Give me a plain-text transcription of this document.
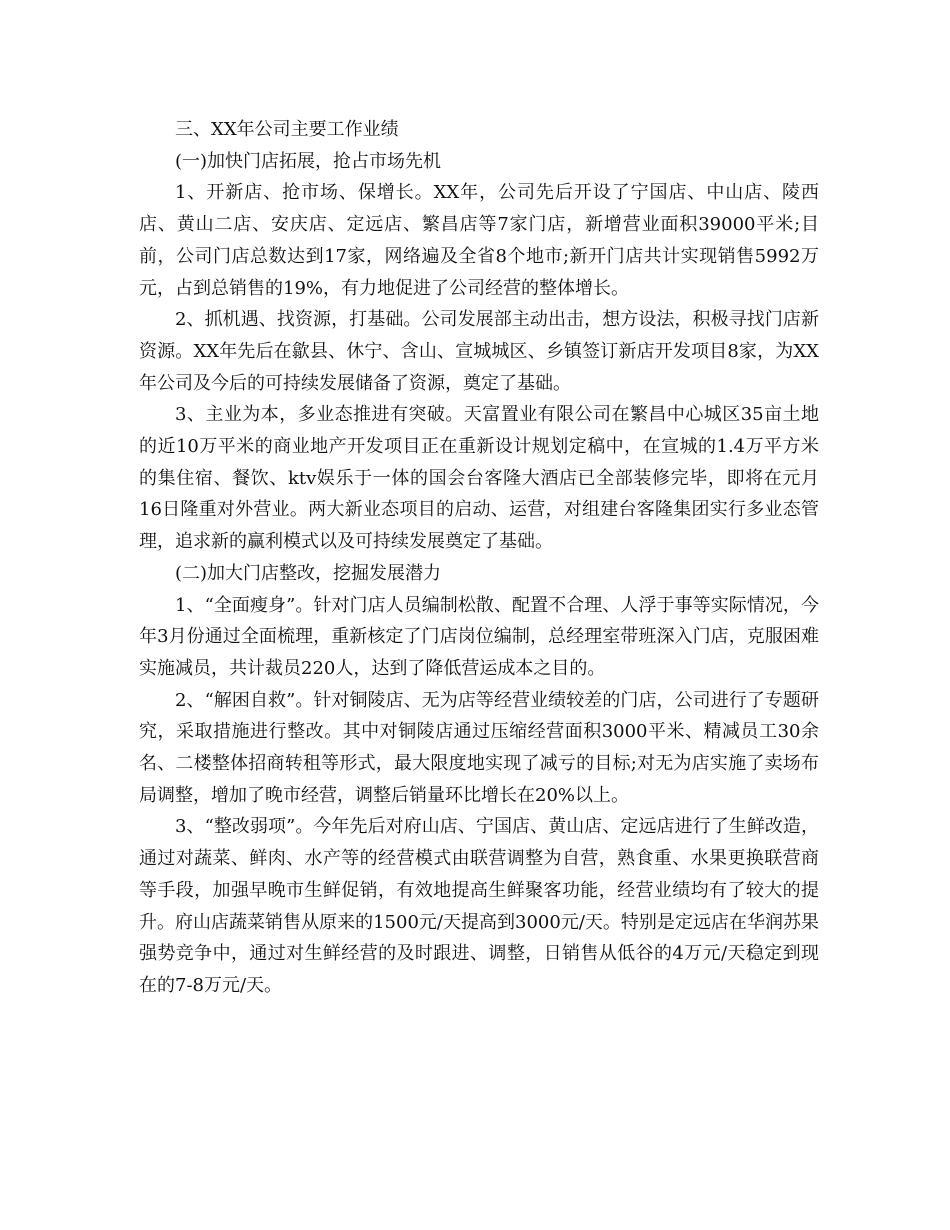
三、XX年公司主要工作业绩

(一)加快门店拓展，抢占市场先机

1、开新店、抢市场、保增长。XX年，公司先后开设了宁国店、中山店、陵西店、黄山二店、安庆店、定远店、繁昌店等7家门店，新增营业面积39000平米;目前，公司门店总数达到17家，网络遍及全省8个地市;新开门店共计实现销售5992万元，占到总销售的19%，有力地促进了公司经营的整体增长。

2、抓机遇、找资源，打基础。公司发展部主动出击，想方设法，积极寻找门店新资源。XX年先后在歙县、休宁、含山、宣城城区、乡镇签订新店开发项目8家，为XX年公司及今后的可持续发展储备了资源，奠定了基础。

3、主业为本，多业态推进有突破。天富置业有限公司在繁昌中心城区35亩土地的近10万平米的商业地产开发项目正在重新设计规划定稿中，在宣城的1.4万平方米的集住宿、餐饮、ktv娱乐于一体的国会台客隆大酒店已全部装修完毕，即将在元月16日隆重对外营业。两大新业态项目的启动、运营，对组建台客隆集团实行多业态管理，追求新的赢利模式以及可持续发展奠定了基础。

(二)加大门店整改，挖掘发展潜力

1、“全面瘦身”。针对门店人员编制松散、配置不合理、人浮于事等实际情况，今年3月份通过全面梳理，重新核定了门店岗位编制，总经理室带班深入门店，克服困难实施减员，共计裁员220人，达到了降低营运成本之目的。

2、“解困自救”。针对铜陵店、无为店等经营业绩较差的门店，公司进行了专题研究，采取措施进行整改。其中对铜陵店通过压缩经营面积3000平米、精减员工30余名、二楼整体招商转租等形式，最大限度地实现了减亏的目标;对无为店实施了卖场布局调整，增加了晚市经营，调整后销量环比增长在20%以上。

3、“整改弱项”。今年先后对府山店、宁国店、黄山店、定远店进行了生鲜改造，通过对蔬菜、鲜肉、水产等的经营模式由联营调整为自营，熟食重、水果更换联营商等手段，加强早晚市生鲜促销，有效地提高生鲜聚客功能，经营业绩均有了较大的提升。府山店蔬菜销售从原来的1500元/天提高到3000元/天。特别是定远店在华润苏果强势竞争中，通过对生鲜经营的及时跟进、调整，日销售从低谷的4万元/天稳定到现在的7-8万元/天。
